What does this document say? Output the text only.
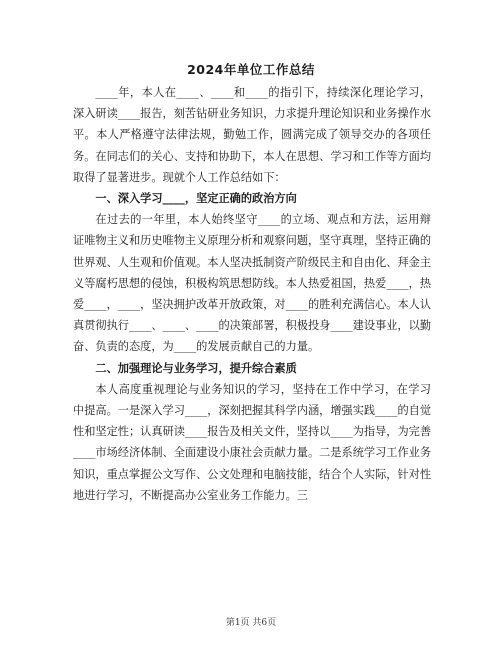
2024年单位工作总结

____年，本人在____、____和____的指引下，持续深化理论学习，深入研读____报告，刻苦钻研业务知识，力求提升理论知识和业务操作水平。本人严格遵守法律法规，勤勉工作，圆满完成了领导交办的各项任务。在同志们的关心、支持和协助下，本人在思想、学习和工作等方面均取得了显著进步。现就个人工作总结如下：

一、深入学习____，坚定正确的政治方向

在过去的一年里，本人始终坚守____的立场、观点和方法，运用辩证唯物主义和历史唯物主义原理分析和观察问题，坚守真理，坚持正确的世界观、人生观和价值观。本人坚决抵制资产阶级民主和自由化、拜金主义等腐朽思想的侵蚀，积极构筑思想防线。本人热爱祖国，热爱____，热爱____，____，坚决拥护改革开放政策，对____的胜利充满信心。本人认真贯彻执行____、____、____的决策部署，积极投身____建设事业，以勤奋、负责的态度，为____的发展贡献自己的力量。

二、加强理论与业务学习，提升综合素质

本人高度重视理论与业务知识的学习，坚持在工作中学习，在学习中提高。一是深入学习____，深刻把握其科学内涵，增强实践____的自觉性和坚定性；认真研读____报告及相关文件，坚持以____为指导，为完善____市场经济体制、全面建设小康社会贡献力量。二是系统学习工作业务知识，重点掌握公文写作、公文处理和电脑技能，结合个人实际，针对性地进行学习，不断提高办公室业务工作能力。三

第1页 共6页
